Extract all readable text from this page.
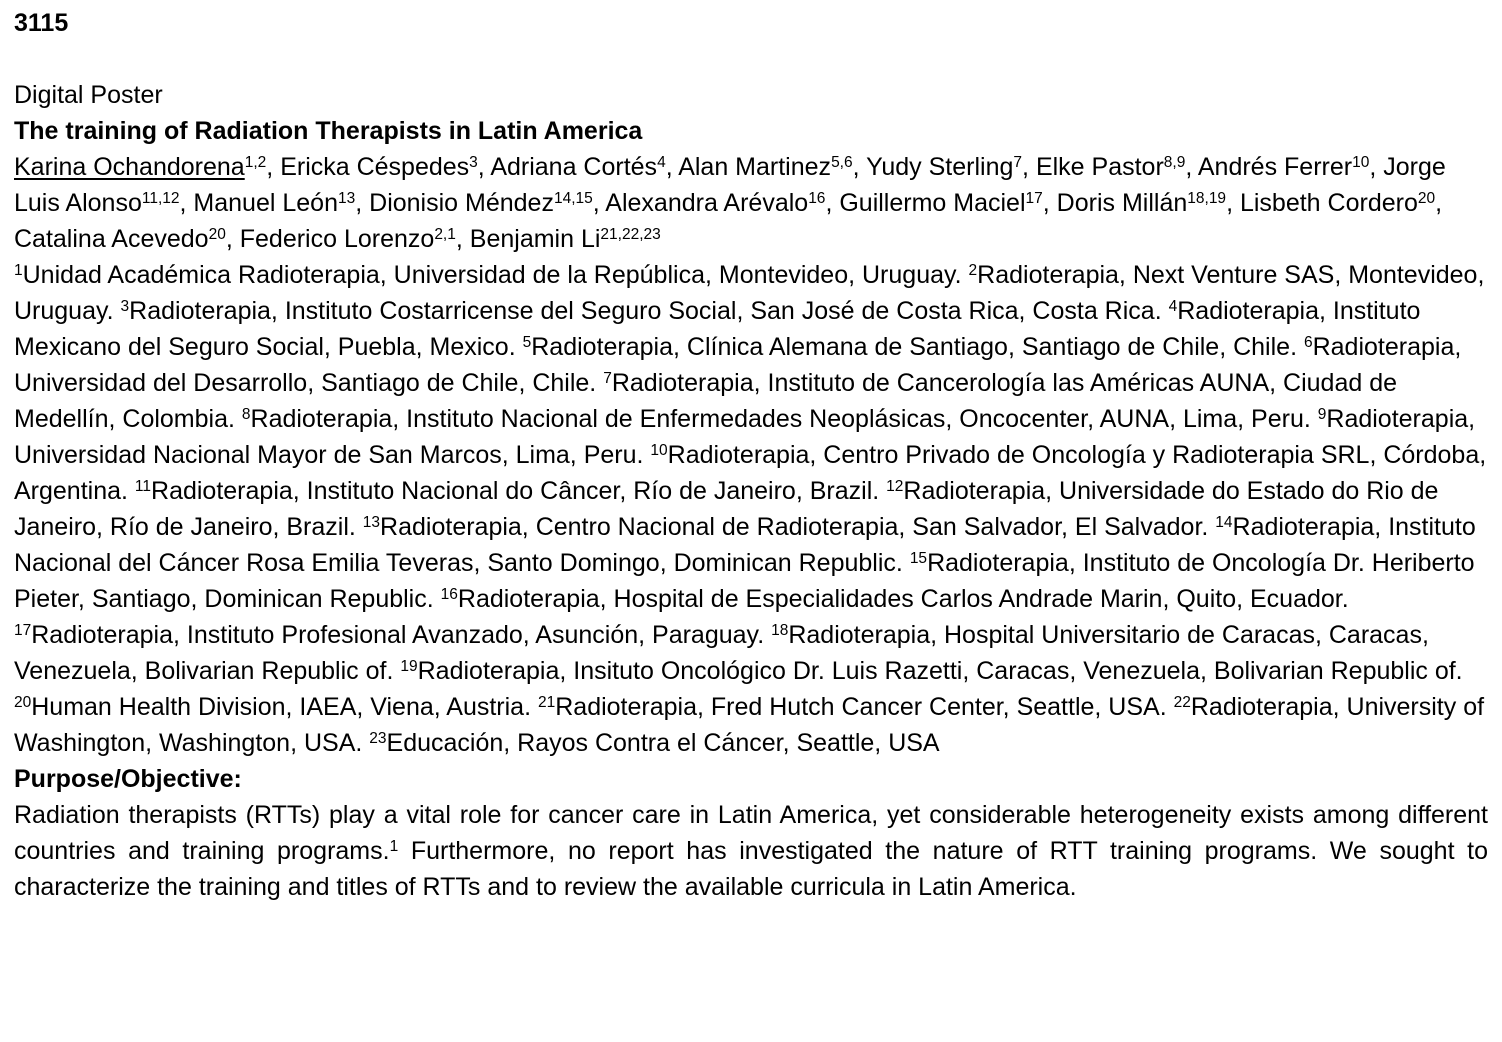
3115

Digital Poster

The training of Radiation Therapists in Latin America

Karina Ochandorena$^{1,2}$, Ericka Céspedes$^3$, Adriana Cortés$^4$, Alan Martinez$^{5,6}$, Yudy Sterling$^7$, Elke Pastor$^{8,9}$, Andrés Ferrer$^{10}$, Jorge Luis Alonso$^{11,12}$, Manuel León$^{13}$, Dionisio Méndez$^{14,15}$, Alexandra Arévalo$^{16}$, Guillermo Maciel$^{17}$, Doris Millán$^{18,19}$, Lisbeth Cordero$^{20}$, Catalina Acevedo$^{20}$, Federico Lorenzo$^{2,1}$, Benjamin Li$^{21,22,23}$

$^1$Unidad Académica Radioterapia, Universidad de la República, Montevideo, Uruguay. $^2$Radioterapia, Next Venture SAS, Montevideo, Uruguay. $^3$Radioterapia, Instituto Costarricense del Seguro Social, San José de Costa Rica, Costa Rica. $^4$Radioterapia, Instituto Mexicano del Seguro Social, Puebla, Mexico. $^5$Radioterapia, Clínica Alemana de Santiago, Santiago de Chile, Chile. $^6$Radioterapia, Universidad del Desarrollo, Santiago de Chile, Chile. $^7$Radioterapia, Instituto de Cancerología las Américas AUNA, Ciudad de Medellín, Colombia. $^8$Radioterapia, Instituto Nacional de Enfermedades Neoplásicas, Oncocenter, AUNA, Lima, Peru. $^9$Radioterapia, Universidad Nacional Mayor de San Marcos, Lima, Peru. $^{10}$Radioterapia, Centro Privado de Oncología y Radioterapia SRL, Córdoba, Argentina. $^{11}$Radioterapia, Instituto Nacional do Câncer, Río de Janeiro, Brazil. $^{12}$Radioterapia, Universidade do Estado do Rio de Janeiro, Río de Janeiro, Brazil. $^{13}$Radioterapia, Centro Nacional de Radioterapia, San Salvador, El Salvador. $^{14}$Radioterapia, Instituto Nacional del Cáncer Rosa Emilia Teveras, Santo Domingo, Dominican Republic. $^{15}$Radioterapia, Instituto de Oncología Dr. Heriberto Pieter, Santiago, Dominican Republic. $^{16}$Radioterapia, Hospital de Especialidades Carlos Andrade Marin, Quito, Ecuador. $^{17}$Radioterapia, Instituto Profesional Avanzado, Asunción, Paraguay. $^{18}$Radioterapia, Hospital Universitario de Caracas, Caracas, Venezuela, Bolivarian Republic of. $^{19}$Radioterapia, Insituto Oncológico Dr. Luis Razetti, Caracas, Venezuela, Bolivarian Republic of. $^{20}$Human Health Division, IAEA, Viena, Austria. $^{21}$Radioterapia, Fred Hutch Cancer Center, Seattle, USA. $^{22}$Radioterapia, University of Washington, Washington, USA. $^{23}$Educación, Rayos Contra el Cáncer, Seattle, USA

Purpose/Objective:

Radiation therapists (RTTs) play a vital role for cancer care in Latin America, yet considerable heterogeneity exists among different countries and training programs.$^1$ Furthermore, no report has investigated the nature of RTT training programs. We sought to characterize the training and titles of RTTs and to review the available curricula in Latin America.
